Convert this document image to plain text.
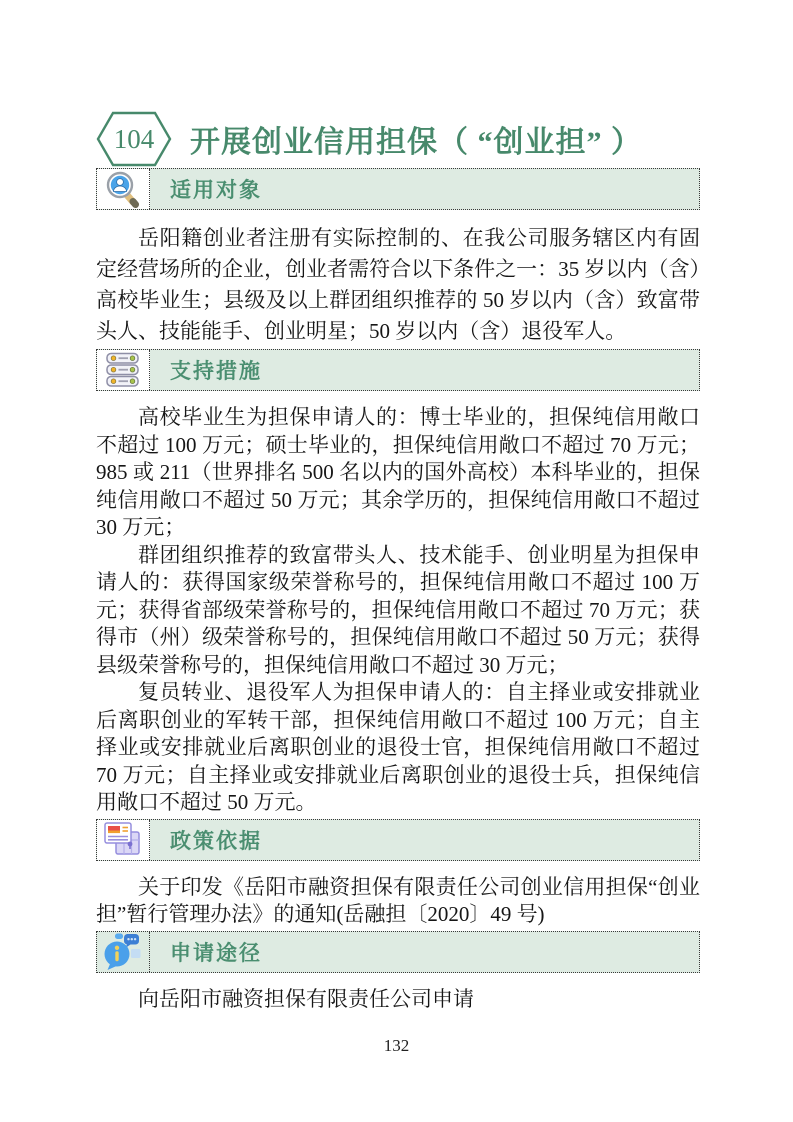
104 开展创业信用担保（ “创业担” ）
适用对象

岳阳籍创业者注册有实际控制的、在我公司服务辖区内有固定经营场所的企业，创业者需符合以下条件之一：35 岁以内（含）高校毕业生；县级及以上群团组织推荐的 50 岁以内（含）致富带头人、技能能手、创业明星；50 岁以内（含）退役军人。

支持措施

高校毕业生为担保申请人的：博士毕业的，担保纯信用敞口不超过 100 万元；硕士毕业的，担保纯信用敞口不超过 70 万元；985 或 211（世界排名 500 名以内的国外高校）本科毕业的，担保纯信用敞口不超过 50 万元；其余学历的，担保纯信用敞口不超过 30 万元；

群团组织推荐的致富带头人、技术能手、创业明星为担保申请人的：获得国家级荣誉称号的，担保纯信用敞口不超过 100 万元；获得省部级荣誉称号的，担保纯信用敞口不超过 70 万元；获得市（州）级荣誉称号的，担保纯信用敞口不超过 50 万元；获得县级荣誉称号的，担保纯信用敞口不超过 30 万元；

复员转业、退役军人为担保申请人的：自主择业或安排就业后离职创业的军转干部，担保纯信用敞口不超过 100 万元；自主择业或安排就业后离职创业的退役士官，担保纯信用敞口不超过 70 万元；自主择业或安排就业后离职创业的退役士兵，担保纯信用敞口不超过 50 万元。

政策依据

关于印发《岳阳市融资担保有限责任公司创业信用担保“创业担”暂行管理办法》的通知(岳融担〔2020〕49 号)

申请途径

向岳阳市融资担保有限责任公司申请

132
